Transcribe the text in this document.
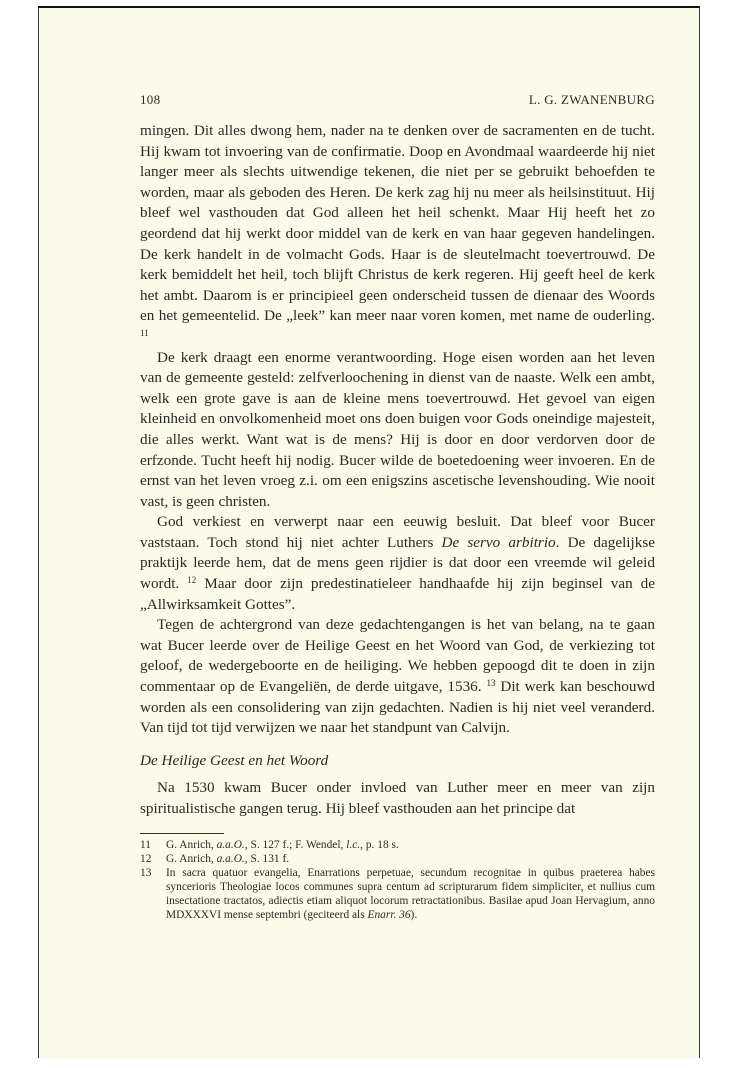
108	L. G. ZWANENBURG

mingen. Dit alles dwong hem, nader na te denken over de sacramenten en de tucht. Hij kwam tot invoering van de confirmatie. Doop en Avondmaal waardeerde hij niet langer meer als slechts uitwendige tekenen, die niet per se gebruikt behoefden te worden, maar als geboden des Heren. De kerk zag hij nu meer als heilsinstituut. Hij bleef wel vasthouden dat God alleen het heil schenkt. Maar Hij heeft het zo geordend dat hij werkt door middel van de kerk en van haar gegeven handelingen. De kerk handelt in de volmacht Gods. Haar is de sleutelmacht toevertrouwd. De kerk bemiddelt het heil, toch blijft Christus de kerk regeren. Hij geeft heel de kerk het ambt. Daarom is er principieel geen onderscheid tussen de dienaar des Woords en het gemeentelid. De „leek” kan meer naar voren komen, met name de ouderling. $^{11}$

De kerk draagt een enorme verantwoording. Hoge eisen worden aan het leven van de gemeente gesteld: zelfverloochening in dienst van de naaste. Welk een ambt, welk een grote gave is aan de kleine mens toevertrouwd. Het gevoel van eigen kleinheid en onvolkomenheid moet ons doen buigen voor Gods oneindige majesteit, die alles werkt. Want wat is de mens? Hij is door en door verdorven door de erfzonde. Tucht heeft hij nodig. Bucer wilde de boetedoening weer invoeren. En de ernst van het leven vroeg z.i. om een enigszins ascetische levenshouding. Wie nooit vast, is geen christen.

God verkiest en verwerpt naar een eeuwig besluit. Dat bleef voor Bucer vaststaan. Toch stond hij niet achter Luthers De servo arbitrio. De dagelijkse praktijk leerde hem, dat de mens geen rijdier is dat door een vreemde wil geleid wordt. $^{12}$ Maar door zijn predestinatieleer handhaafde hij zijn beginsel van de „Allwirksamkeit Gottes”.

Tegen de achtergrond van deze gedachtengangen is het van belang, na te gaan wat Bucer leerde over de Heilige Geest en het Woord van God, de verkiezing tot geloof, de wedergeboorte en de heiliging. We hebben gepoogd dit te doen in zijn commentaar op de Evangeliën, de derde uitgave, 1536. $^{13}$ Dit werk kan beschouwd worden als een consolidering van zijn gedachten. Nadien is hij niet veel veranderd. Van tijd tot tijd verwijzen we naar het standpunt van Calvijn.

De Heilige Geest en het Woord
Na 1530 kwam Bucer onder invloed van Luther meer en meer van zijn spiritualistische gangen terug. Hij bleef vasthouden aan het principe dat
11 G. Anrich, a.a.O., S. 127 f.; F. Wendel, l.c., p. 18 s.
12 G. Anrich, a.a.O., S. 131 f.
13 In sacra quatuor evangelia, Enarrations perpetuae, secundum recognitae in quibus praeterea habes syncerioris Theologiae locos communes supra centum ad scripturarum fidem simpliciter, et nullius cum insectatione tractatos, adiectis etiam aliquot locorum retractationibus. Basilae apud Joan Hervagium, anno MDXXXVI mense septembri (geciteerd als Enarr. 36).
